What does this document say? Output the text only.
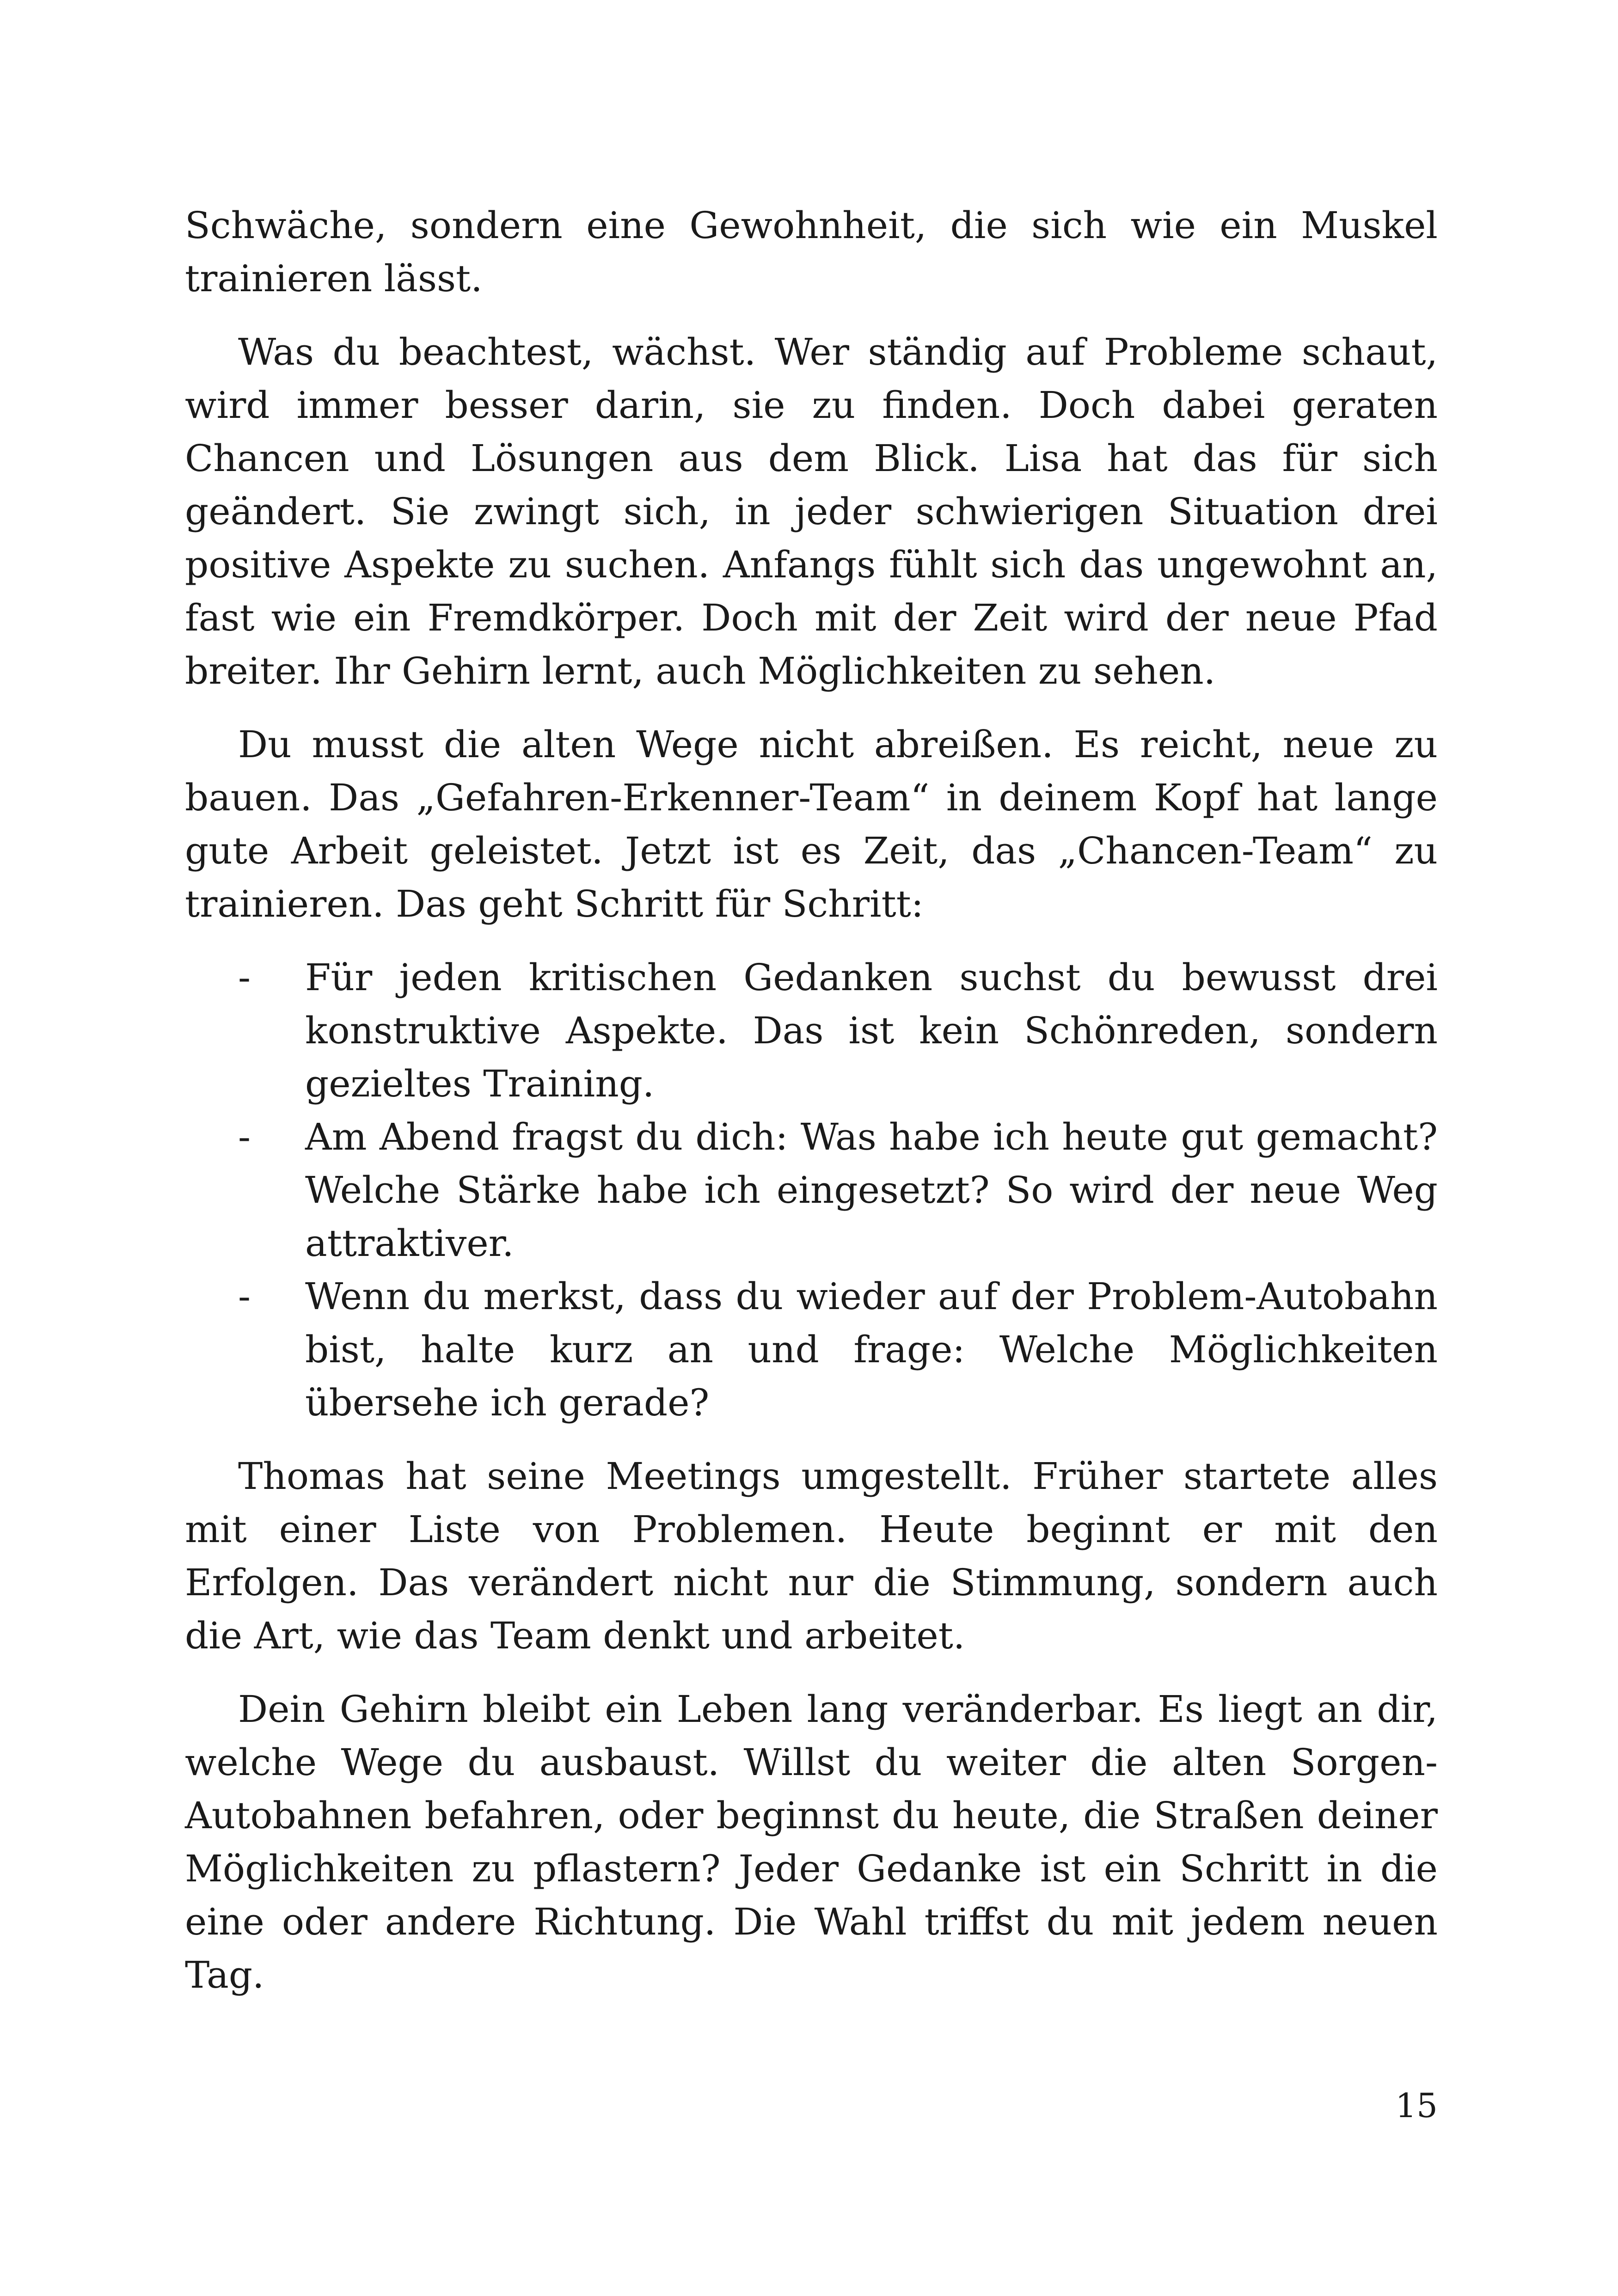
Schwäche, sondern eine Gewohnheit, die sich wie ein Muskel trainieren lässt.

Was du beachtest, wächst. Wer ständig auf Probleme schaut, wird immer besser darin, sie zu finden. Doch dabei geraten Chancen und Lösungen aus dem Blick. Lisa hat das für sich geändert. Sie zwingt sich, in jeder schwierigen Situation drei positive Aspekte zu suchen. Anfangs fühlt sich das ungewohnt an, fast wie ein Fremdkörper. Doch mit der Zeit wird der neue Pfad breiter. Ihr Gehirn lernt, auch Möglichkeiten zu sehen.

Du musst die alten Wege nicht abreißen. Es reicht, neue zu bauen. Das „Gefahren-Erkenner-Team“ in deinem Kopf hat lange gute Arbeit geleistet. Jetzt ist es Zeit, das „Chancen-Team“ zu trainieren. Das geht Schritt für Schritt:

- Für jeden kritischen Gedanken suchst du bewusst drei konstruktive Aspekte. Das ist kein Schönreden, sondern gezieltes Training.
- Am Abend fragst du dich: Was habe ich heute gut gemacht? Welche Stärke habe ich eingesetzt? So wird der neue Weg attraktiver.
- Wenn du merkst, dass du wieder auf der Problem-Autobahn bist, halte kurz an und frage: Welche Möglichkeiten übersehe ich gerade?

Thomas hat seine Meetings umgestellt. Früher startete alles mit einer Liste von Problemen. Heute beginnt er mit den Erfolgen. Das verändert nicht nur die Stimmung, sondern auch die Art, wie das Team denkt und arbeitet.

Dein Gehirn bleibt ein Leben lang veränderbar. Es liegt an dir, welche Wege du ausbaust. Willst du weiter die alten Sorgen-Autobahnen befahren, oder beginnst du heute, die Straßen deiner Möglichkeiten zu pflastern? Jeder Gedanke ist ein Schritt in die eine oder andere Richtung. Die Wahl triffst du mit jedem neuen Tag.

15
